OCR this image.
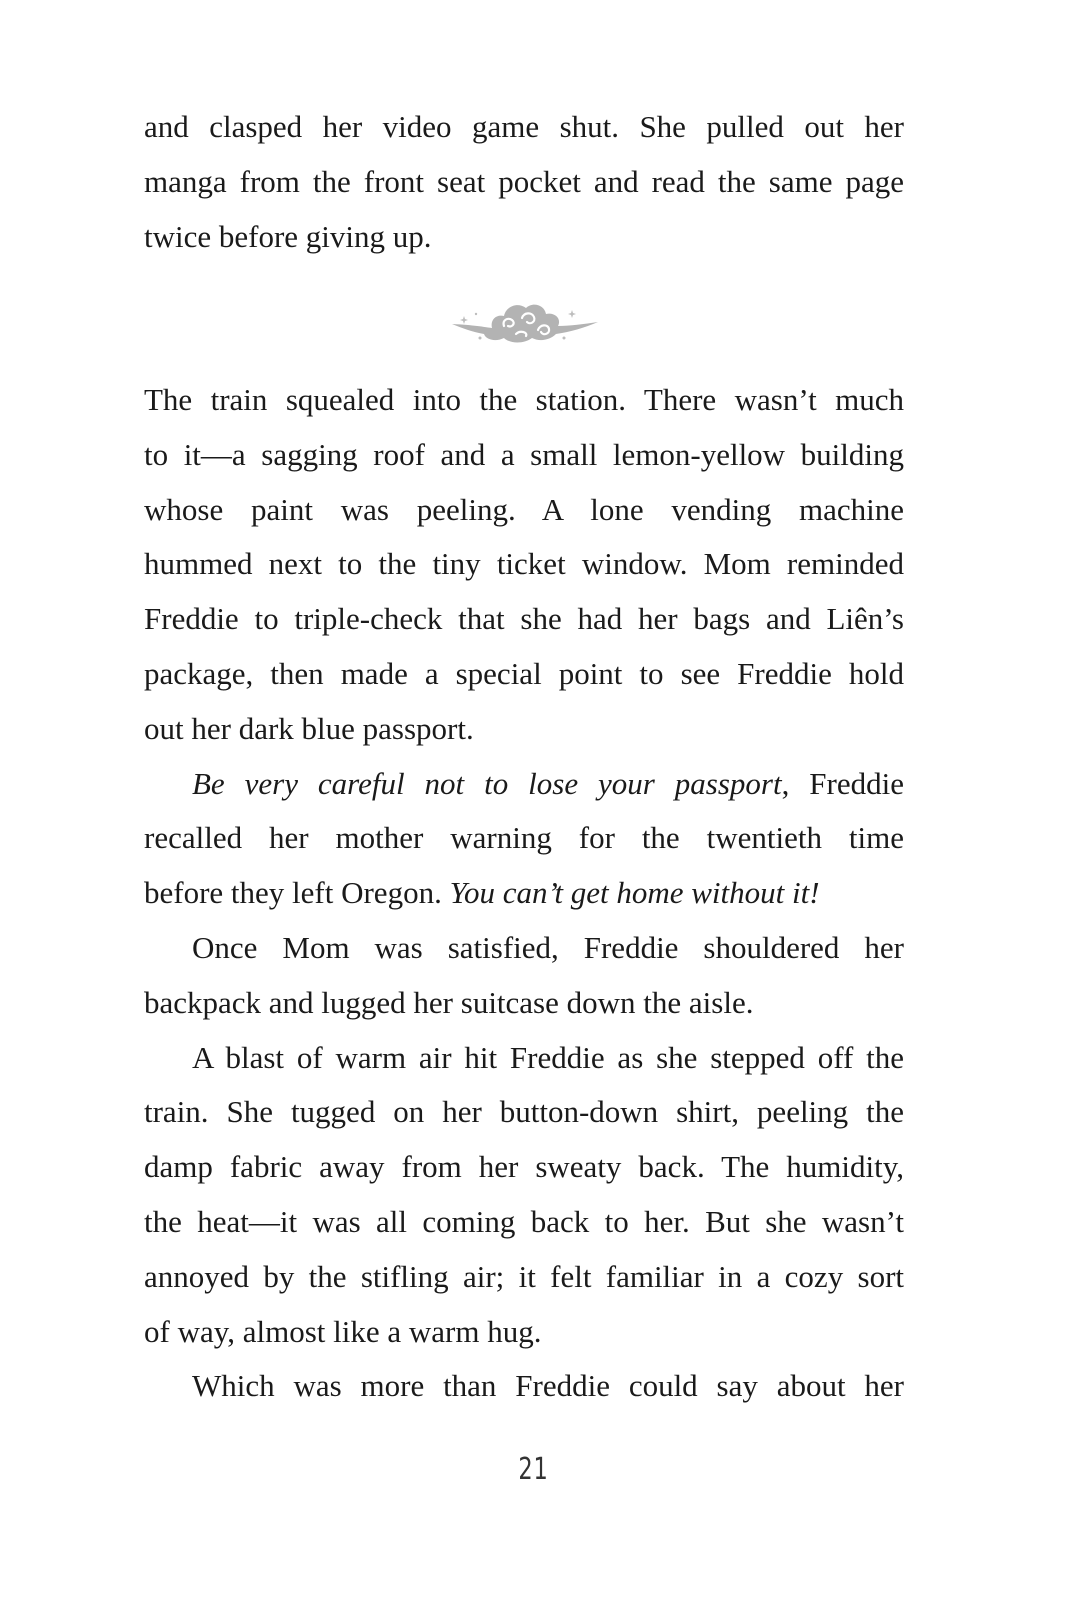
and clasped her video game shut. She pulled out her

manga from the front seat pocket and read the same page

twice before giving up.

The train squealed into the station. There wasn’t much

to it—a sagging roof and a small lemon-yellow building

whose paint was peeling. A lone vending machine

hummed next to the tiny ticket window. Mom reminded

Freddie to triple-check that she had her bags and Liên’s

package, then made a special point to see Freddie hold

out her dark blue passport.

Be very careful not to lose your passport, Freddie

recalled her mother warning for the twentieth time

before they left Oregon. You can’t get home without it!

Once Mom was satisfied, Freddie shouldered her

backpack and lugged her suitcase down the aisle.

A blast of warm air hit Freddie as she stepped off the

train. She tugged on her button-down shirt, peeling the

damp fabric away from her sweaty back. The humidity,

the heat—it was all coming back to her. But she wasn’t

annoyed by the stifling air; it felt familiar in a cozy sort

of way, almost like a warm hug.

Which was more than Freddie could say about her

21
